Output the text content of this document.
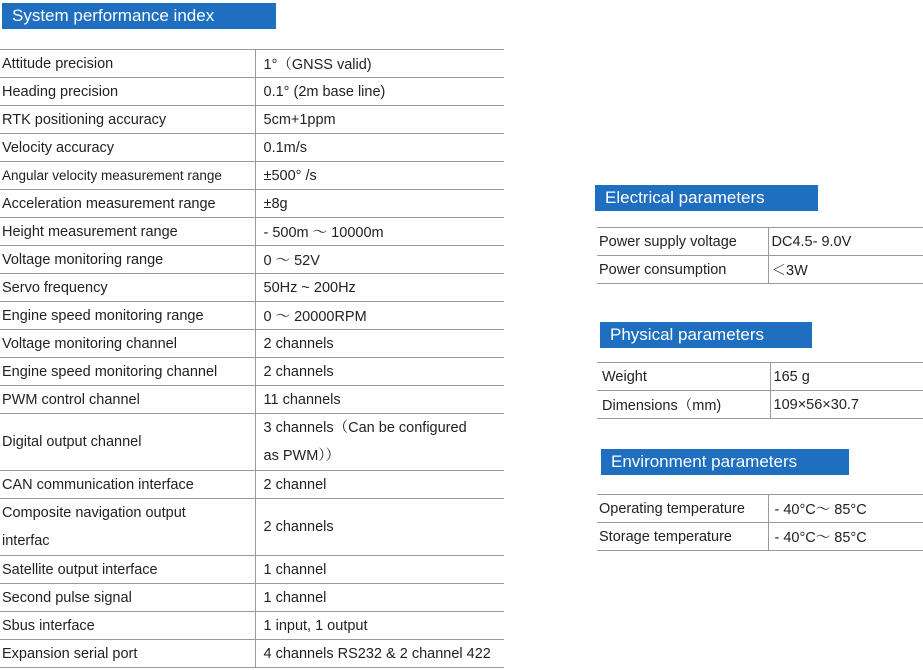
System performance index
Attitude precision	1°（GNSS valid)
Heading precision	0.1° (2m base line)
RTK positioning accuracy	5cm+1ppm
Velocity accuracy	0.1m/s
Angular velocity measurement range	±500° /s
Acceleration measurement range	±8g
Height measurement range	- 500m ～ 10000m
Voltage monitoring range	0 ～ 52V
Servo frequency	50Hz ~ 200Hz
Engine speed monitoring range	0 ～ 20000RPM
Voltage monitoring channel	2 channels
Engine speed monitoring channel	2 channels
PWM control channel	11 channels
Digital output channel	3 channels（Can be configured as PWM））
CAN communication interface	2 channel
Composite navigation output interfac	2 channels
Satellite output interface	1 channel
Second pulse signal	1 channel
Sbus interface	1 input, 1 output
Expansion serial port	4 channels RS232 & 2 channel 422
Electrical parameters
Power supply voltage	DC4.5- 9.0V
Power consumption	＜3W
Physical parameters
Weight	165 g
Dimensions（mm)	109×56×30.7
Environment parameters
Operating temperature	- 40°C～ 85°C
Storage temperature	- 40°C～ 85°C
